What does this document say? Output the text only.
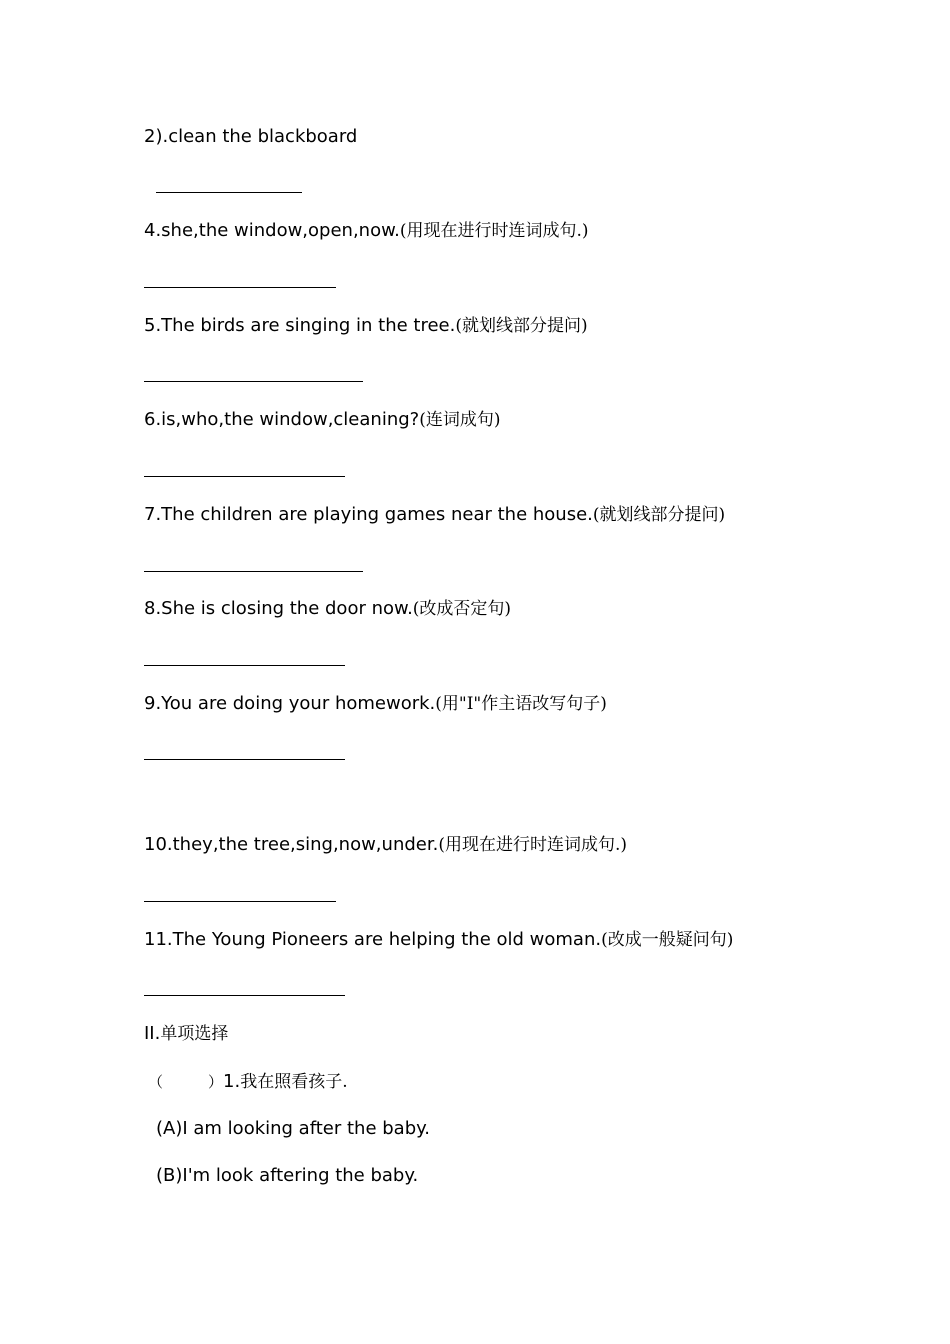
2).clean the blackboard
4.she,the window,open,now.(用现在进行时连词成句.)
5.The birds are singing in the tree.(就划线部分提问)
6.is,who,the window,cleaning?(连词成句)
7.The children are playing games near the house.(就划线部分提问)
8.She is closing the door now.(改成否定句)
9.You are doing your homework.(用"I"作主语改写句子)
10.they,the tree,sing,now,under.(用现在进行时连词成句.)
11.The Young Pioneers are helping the old woman.(改成一般疑问句)
II.单项选择
（　　　）1.我在照看孩子.
(A)I am looking after the baby.
(B)I'm look aftering the baby.
